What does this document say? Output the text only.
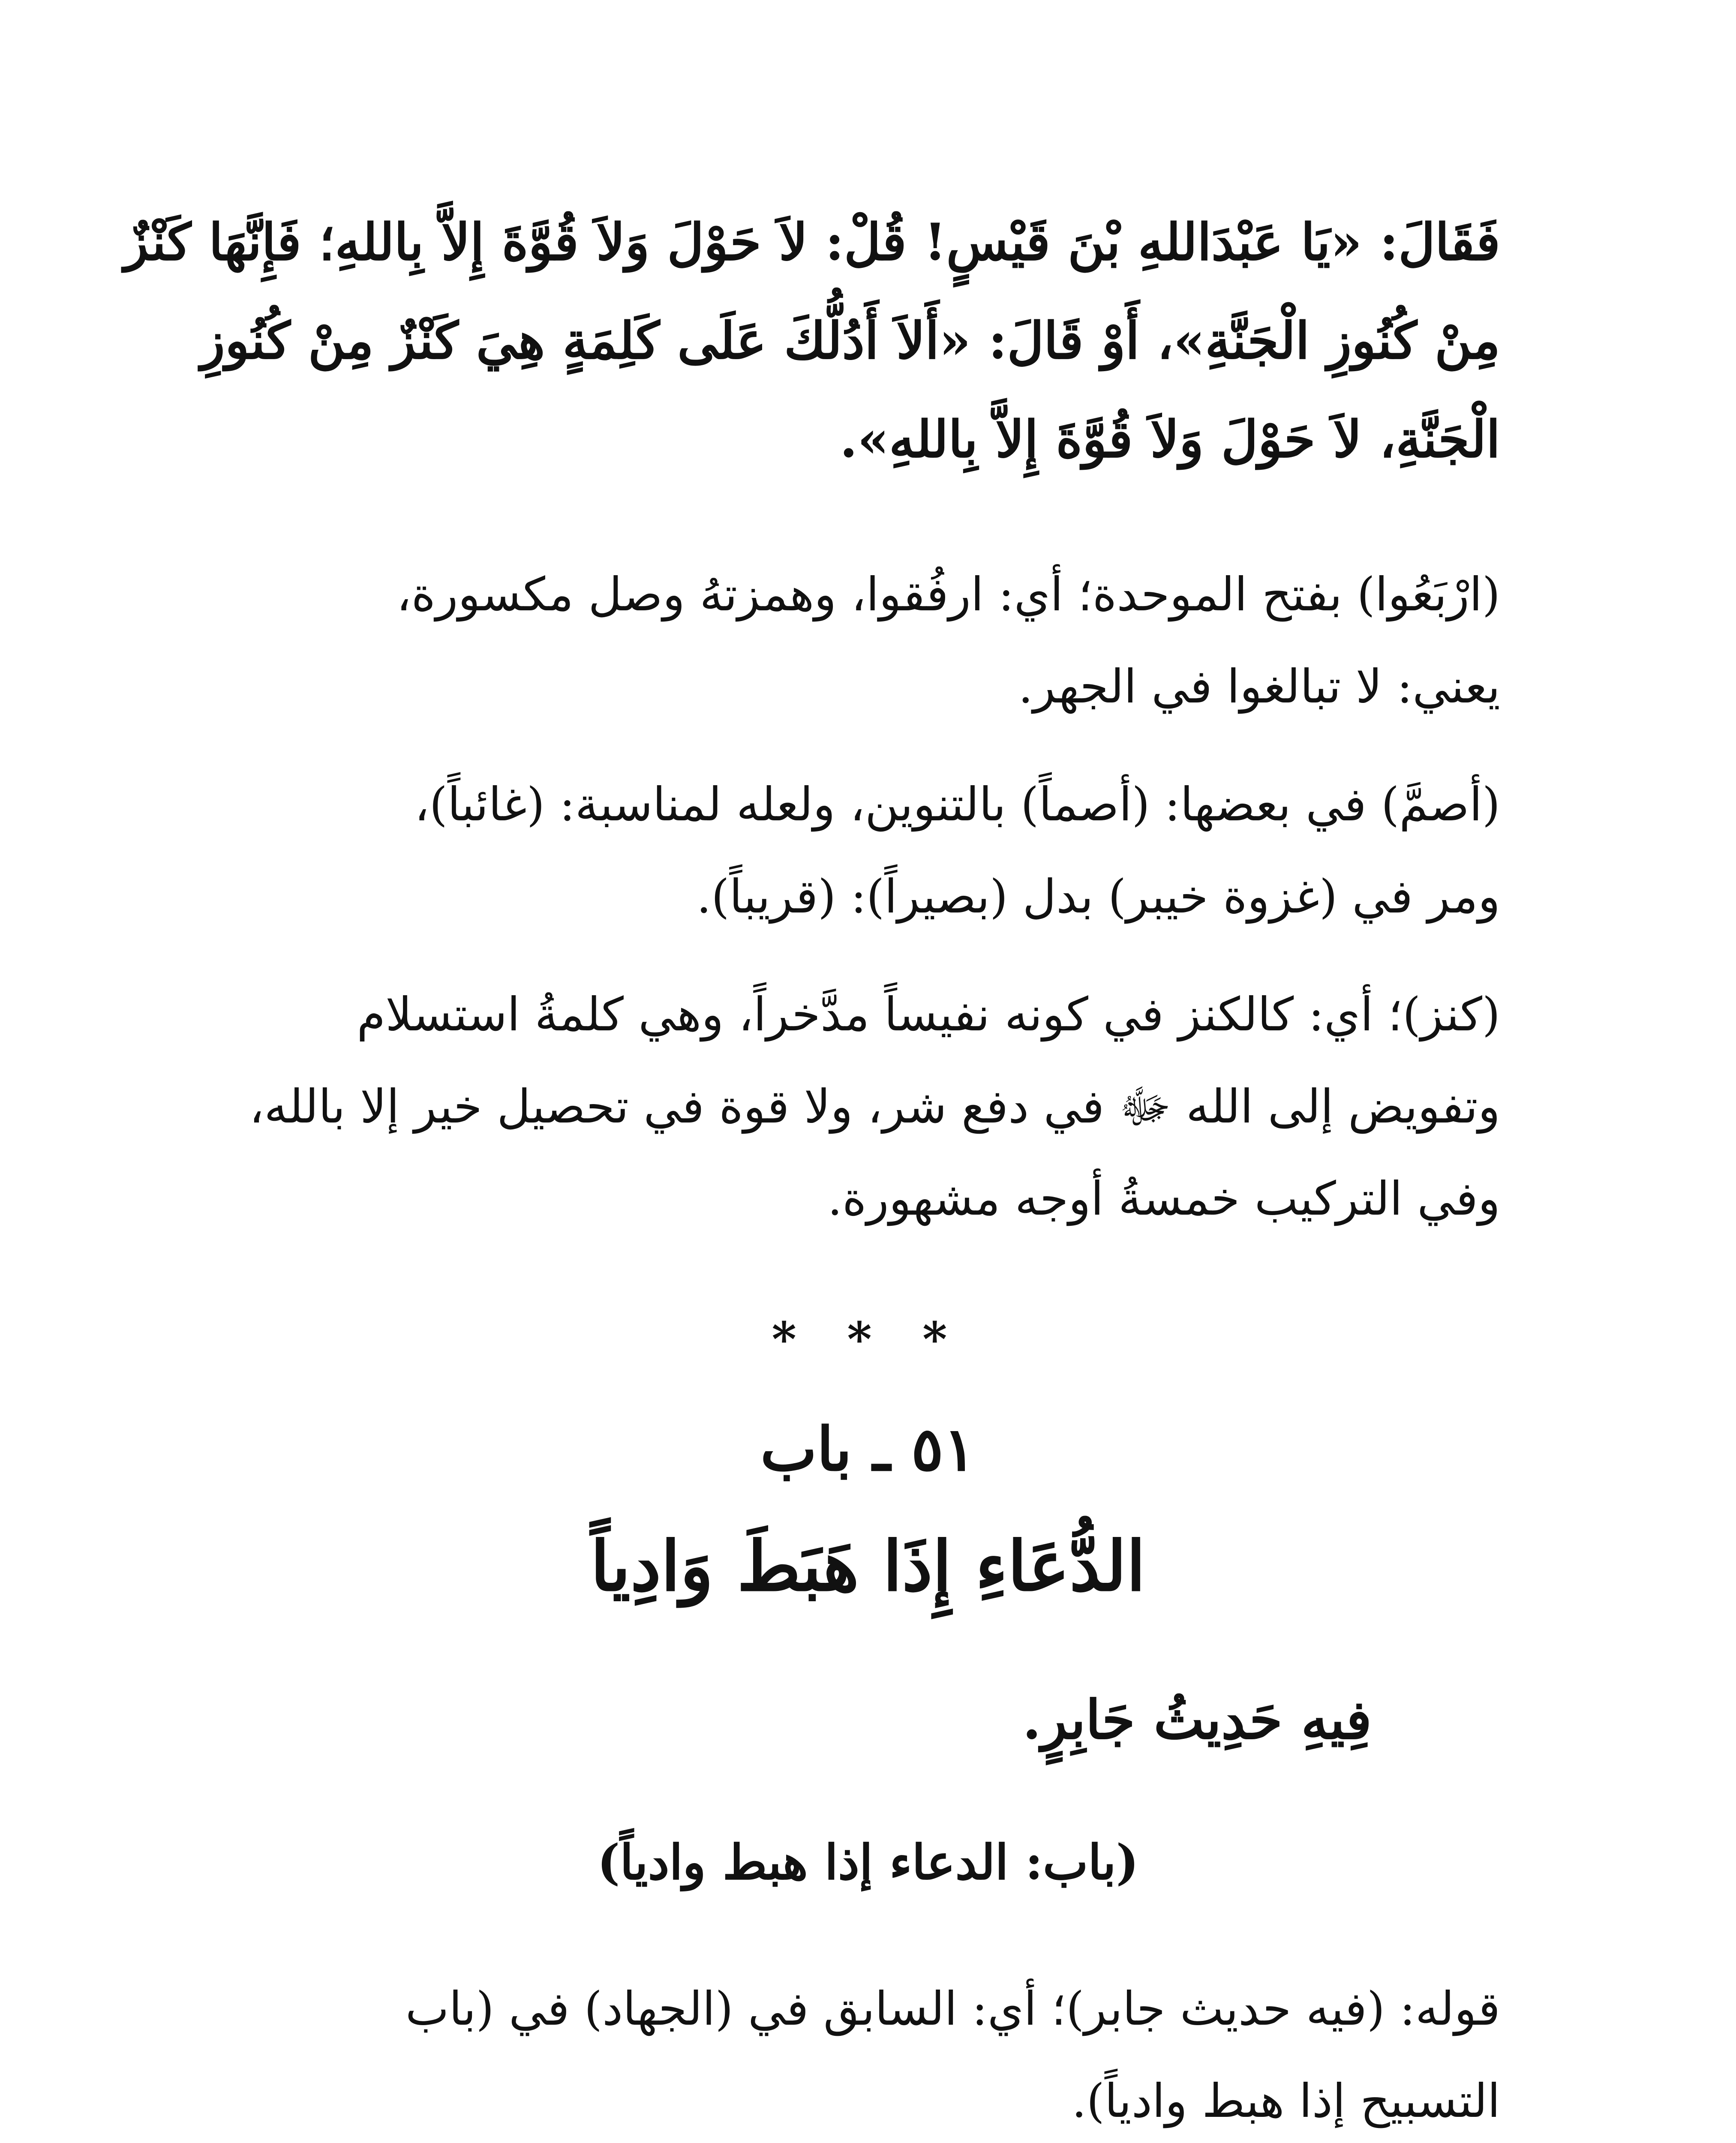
فَقَالَ: «يَا عَبْدَاللهِ بْنَ قَيْسٍ! قُلْ: لاَ حَوْلَ وَلاَ قُوَّةَ إِلاَّ بِاللهِ؛ فَإِنَّهَا كَنْزٌ
مِنْ كُنُوزِ الْجَنَّةِ»، أَوْ قَالَ: «أَلاَ أَدُلُّكَ عَلَى كَلِمَةٍ هِيَ كَنْزٌ مِنْ كُنُوزِ
الْجَنَّةِ، لاَ حَوْلَ وَلاَ قُوَّةَ إِلاَّ بِاللهِ».
(ارْبَعُوا) بفتح الموحدة؛ أي: ارفُقوا، وهمزتهُ وصل مكسورة،
يعني: لا تبالغوا في الجهر.
(أصمَّ) في بعضها: (أصماً) بالتنوين، ولعله لمناسبة: (غائباً)،
ومر في (غزوة خيبر) بدل (بصيراً): (قريباً).
(كنز)؛ أي: كالكنز في كونه نفيساً مدَّخراً، وهي كلمةُ استسلام
وتفويض إلى الله ﷻ في دفع شر، ولا قوة في تحصيل خير إلا بالله،
وفي التركيب خمسةُ أوجه مشهورة.
* * *
٥١ ـ باب
الدُّعَاءِ إِذَا هَبَطَ وَادِياً
فِيهِ حَدِيثُ جَابِرٍ.
(باب: الدعاء إذا هبط وادياً)
قوله: (فيه حديث جابر)؛ أي: السابق في (الجهاد) في (باب
التسبيح إذا هبط وادياً).
